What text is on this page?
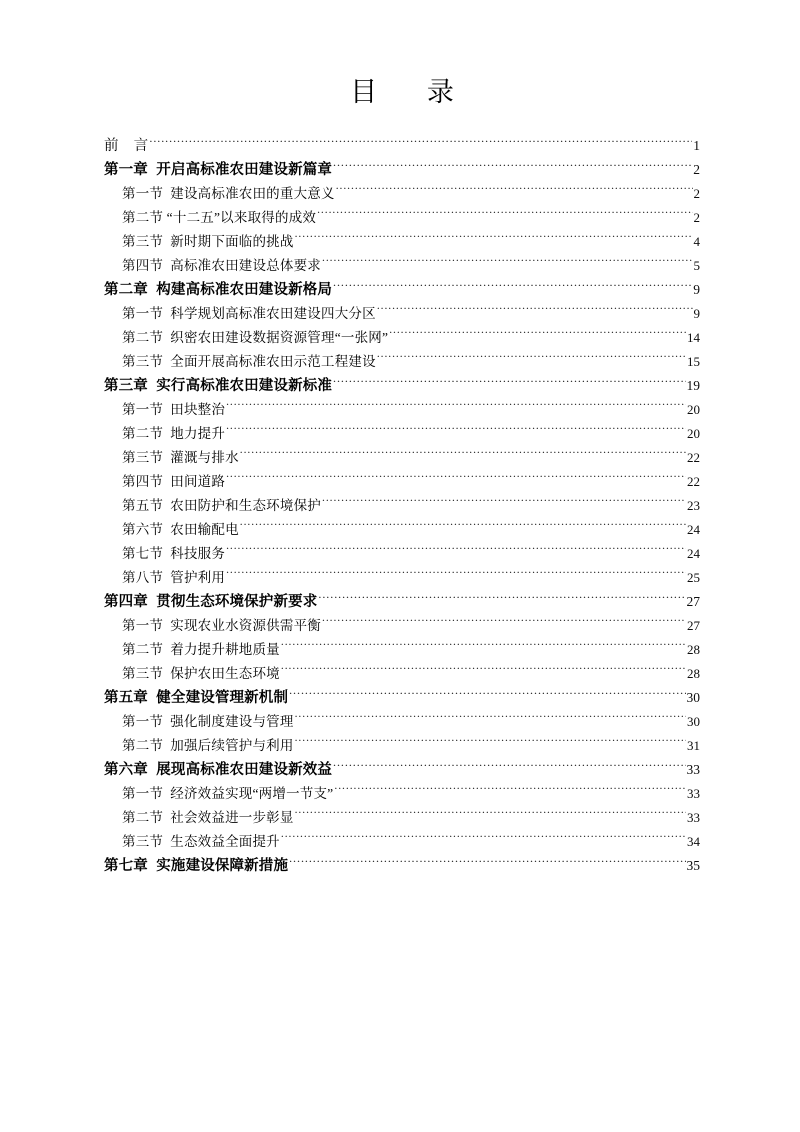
目　录
前　言 .....	1
第一章  开启高标准农田建设新篇章 .....	2
第一节  建设高标准农田的重大意义 .....	2
第二节 “十二五”以来取得的成效 .....	2
第三节  新时期下面临的挑战 .....	4
第四节  高标准农田建设总体要求 .....	5
第二章  构建高标准农田建设新格局 .....	9
第一节  科学规划高标准农田建设四大分区 .....	9
第二节  织密农田建设数据资源管理“一张网” .....	14
第三节  全面开展高标准农田示范工程建设 .....	15
第三章  实行高标准农田建设新标准 .....	19
第一节  田块整治 .....	20
第二节  地力提升 .....	20
第三节  灌溉与排水 .....	22
第四节  田间道路 .....	22
第五节  农田防护和生态环境保护 .....	23
第六节  农田输配电 .....	24
第七节  科技服务 .....	24
第八节  管护利用 .....	25
第四章  贯彻生态环境保护新要求 .....	27
第一节  实现农业水资源供需平衡 .....	27
第二节  着力提升耕地质量 .....	28
第三节  保护农田生态环境 .....	28
第五章  健全建设管理新机制 .....	30
第一节  强化制度建设与管理 .....	30
第二节  加强后续管护与利用 .....	31
第六章  展现高标准农田建设新效益 .....	33
第一节  经济效益实现“两增一节支” .....	33
第二节  社会效益进一步彰显 .....	33
第三节  生态效益全面提升 .....	34
第七章  实施建设保障新措施 .....	35
